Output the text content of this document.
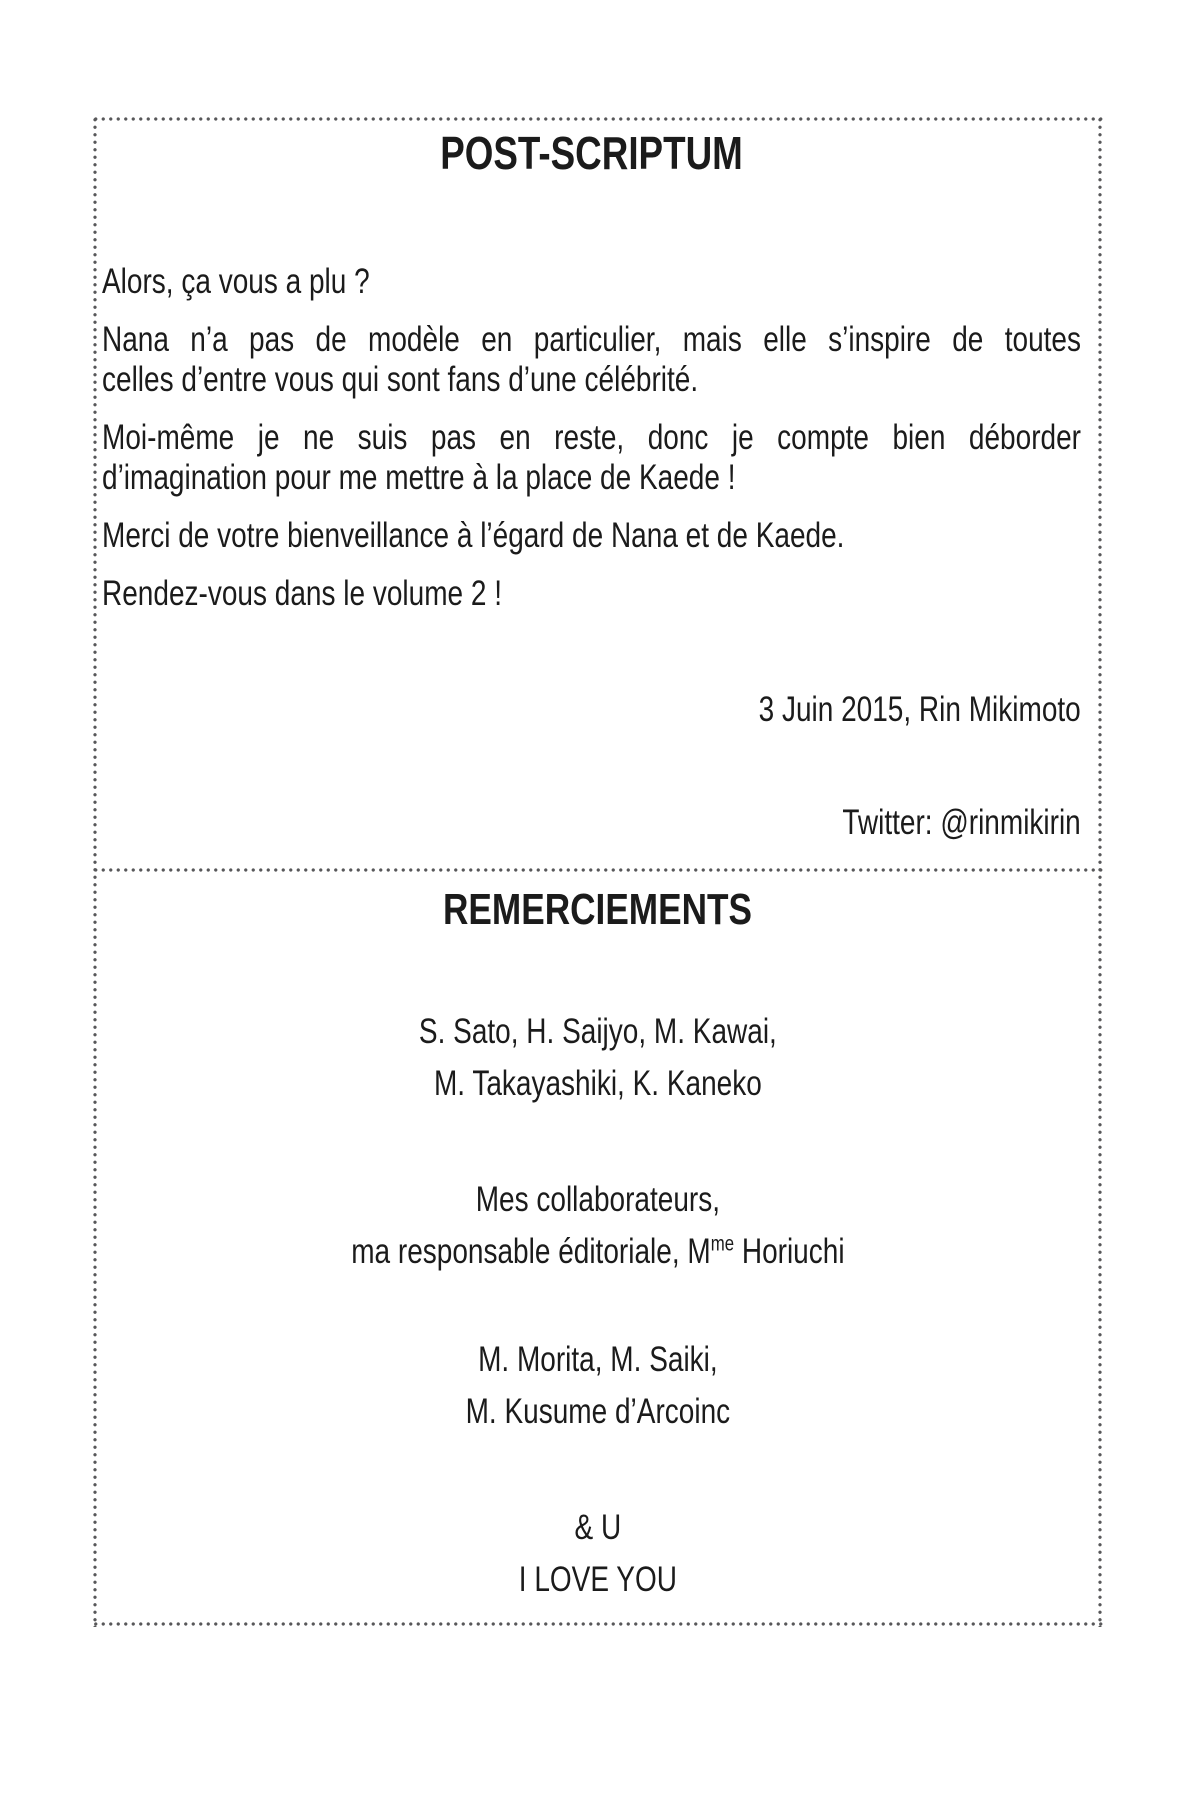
POST-SCRIPTUM
Alors, ça vous a plu ?
Nana n’a pas de modèle en particulier, mais elle s’inspire de toutes
celles d’entre vous qui sont fans d’une célébrité.
Moi-même je ne suis pas en reste, donc je compte bien déborder
d’imagination pour me mettre à la place de Kaede !
Merci de votre bienveillance à l’égard de Nana et de Kaede.
Rendez-vous dans le volume 2 !
3 Juin 2015, Rin Mikimoto
Twitter: @rinmikirin
REMERCIEMENTS
S. Sato, H. Saijyo, M. Kawai,
M. Takayashiki, K. Kaneko
Mes collaborateurs,
ma responsable éditoriale, $M^{me}$ Horiuchi
M. Morita, M. Saiki,
M. Kusume d’Arcoinc
& U
I LOVE YOU
